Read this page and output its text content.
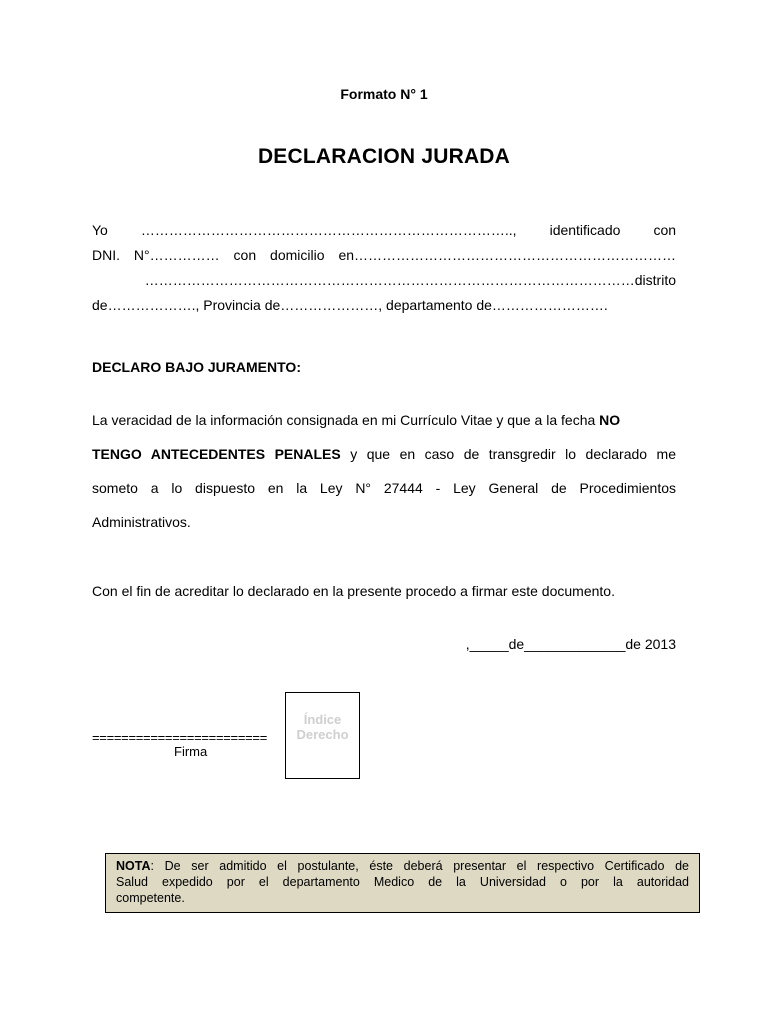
Formato N° 1
DECLARACION JURADA
Yo …………………………………………………………………….., identificado con
DNI. N°…………… con domicilio en……………………………………………………………
……………………………………………………………………………………………distrito
de………………., Provincia de…………………, departamento de…………………….
DECLARO BAJO JURAMENTO:
La veracidad de la información consignada en mi Currículo Vitae y que a la fecha NO
TENGO ANTECEDENTES PENALES y que en caso de transgredir lo declarado me
someto a lo dispuesto en la Ley N° 27444 - Ley General de Procedimientos
Administrativos.
Con el fin de acreditar lo declarado en la presente procedo a firmar este documento.
,_____de_____________de 2013
========================
Firma
Índice
Derecho
NOTA: De ser admitido el postulante, éste deberá presentar el respectivo Certificado de
Salud expedido por el departamento Medico de la Universidad o por la autoridad
competente.
